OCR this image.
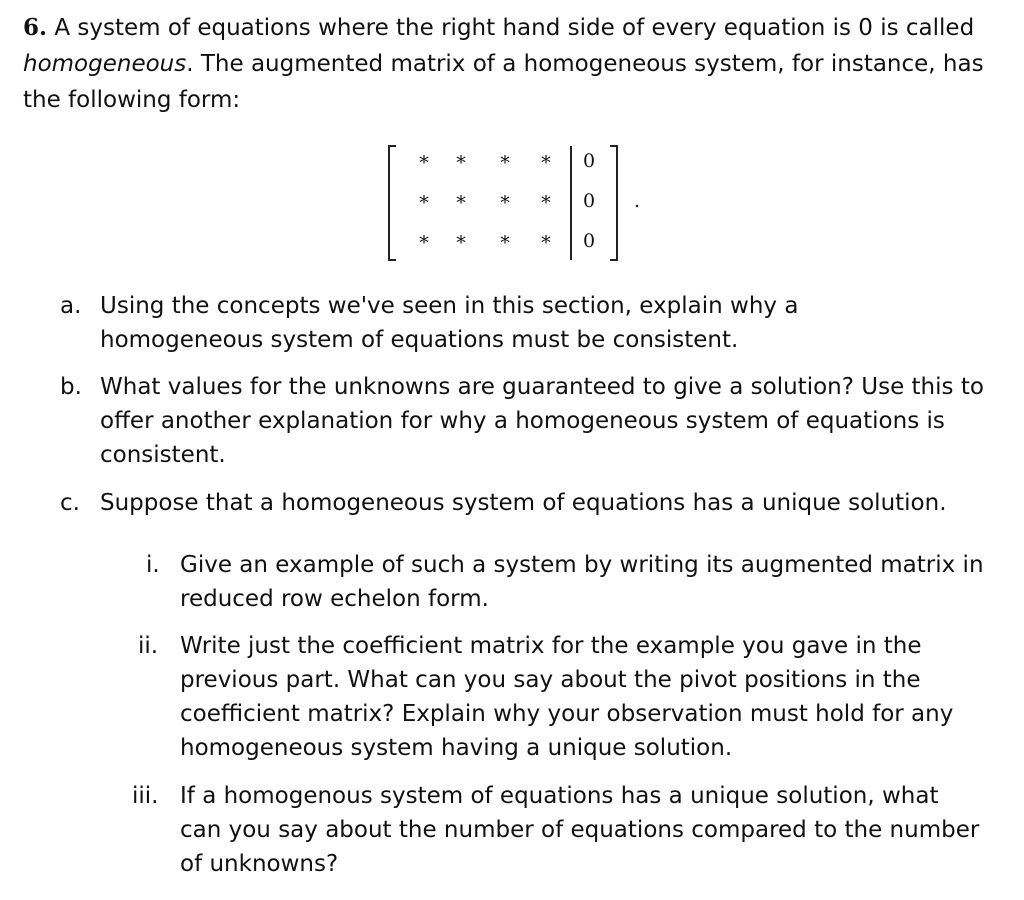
6. A system of equations where the right hand side of every equation is 0 is called homogeneous. The augmented matrix of a homogeneous system, for instance, has the following form:
*	*	*	*	0
*	*	*	*	0
*	*	*	*	0
.
a. Using the concepts we've seen in this section, explain why a homogeneous system of equations must be consistent.
b. What values for the unknowns are guaranteed to give a solution? Use this to offer another explanation for why a homogeneous system of equations is consistent.
c. Suppose that a homogeneous system of equations has a unique solution.
i. Give an example of such a system by writing its augmented matrix in reduced row echelon form.
ii. Write just the coefficient matrix for the example you gave in the previous part. What can you say about the pivot positions in the coefficient matrix? Explain why your observation must hold for any homogeneous system having a unique solution.
iii. If a homogenous system of equations has a unique solution, what can you say about the number of equations compared to the number of unknowns?
